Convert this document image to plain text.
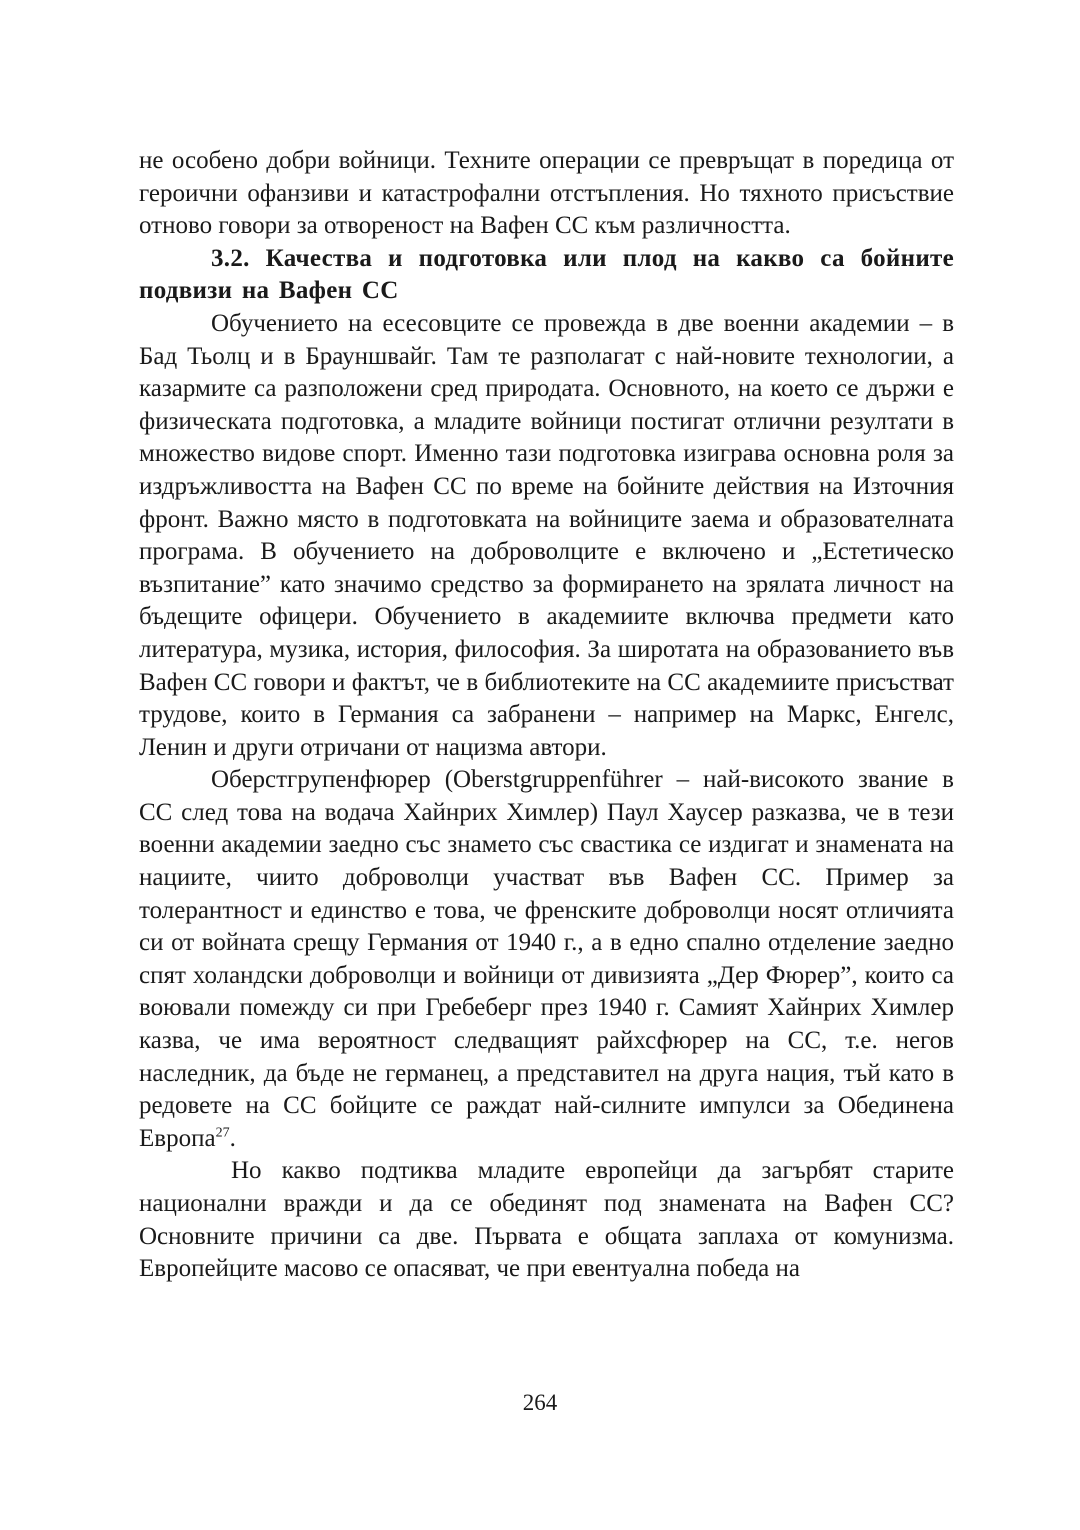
не особено добри войници. Техните операции се превръщат в поредица от героични офанзиви и катастрофални отстъпления. Но тяхното присъствие отново говори за отвореност на Вафен СС към различността.

3.2. Качества и подготовка или плод на какво са бойните подвизи на Вафен СС

Обучението на есесовците се провежда в две военни академии – в Бад Тьолц и в Брауншвайг. Там те разполагат с най-новите технологии, а казармите са разположени сред природата. Основното, на което се държи е физическата подготовка, а младите войници постигат отлични резултати в множество видове спорт. Именно тази подготовка изиграва основна роля за издръжливостта на Вафен СС по време на бойните действия на Източния фронт. Важно място в подготовката на войниците заема и образователната програма. В обучението на доброволците е включено и „Естетическо възпитание” като значимо средство за формирането на зрялата личност на бъдещите офицери. Обучението в академиите включва предмети като литература, музика, история, философия. За широтата на образованието във Вафен СС говори и фактът, че в библиотеките на СС академиите присъстват трудове, които в Германия са забранени – например на Маркс, Енгелс, Ленин и други отричани от нацизма автори.

Оберстгрупенфюрер (Oberstgruppenführer – най-високото звание в СС след това на водача Хайнрих Химлер) Паул Хаусер разказва, че в тези военни академии заедно със знамето със свастика се издигат и знамената на нациите, чиито доброволци участват във Вафен СС. Пример за толерантност и единство е това, че френските доброволци носят отличията си от войната срещу Германия от 1940 г., а в едно спално отделение заедно спят холандски доброволци и войници от дивизията „Дер Фюрер”, които са воювали помежду си при Гребеберг през 1940 г. Самият Хайнрих Химлер казва, че има вероятност следващият райхсфюрер на СС, т.е. негов наследник, да бъде не германец, а представител на друга нация, тъй като в редовете на СС бойците се раждат най-силните импулси за Обединена Европа$^{27}$.

Но какво подтиква младите европейци да загърбят старите национални вражди и да се обединят под знамената на Вафен СС? Основните причини са две. Първата е общата заплаха от комунизма. Европейците масово се опасяват, че при евентуална победа на

264
